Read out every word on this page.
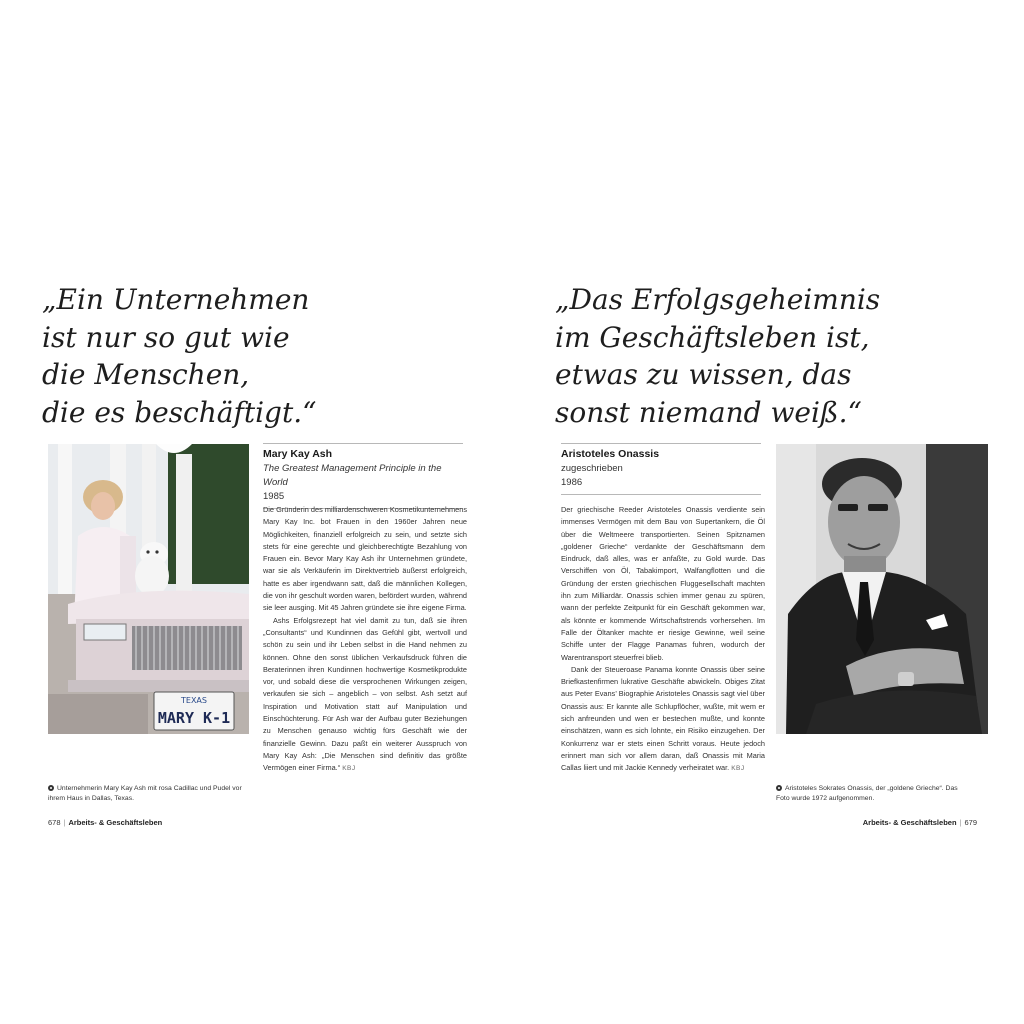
„Ein Unternehmen
ist nur so gut wie
die Menschen,
die es beschäftigt.“
TEXAS
MARY K-1
Mary Kay Ash
The Greatest Management Principle in the World
1985

Die Gründerin des milliardenschweren Kosmetikunternehmens Mary Kay Inc. bot Frauen in den 1960er Jahren neue Möglichkeiten, finanziell erfolgreich zu sein, und setzte sich stets für eine gerechte und gleichberechtigte Bezahlung von Frauen ein. Bevor Mary Kay Ash ihr Unternehmen gründete, war sie als Verkäuferin im Direktvertrieb äußerst erfolgreich, hatte es aber irgendwann satt, daß die männlichen Kollegen, die von ihr geschult worden waren, befördert wurden, während sie leer ausging. Mit 45 Jahren gründete sie ihre eigene Firma.

Ashs Erfolgsrezept hat viel damit zu tun, daß sie ihren „Consultants“ und Kundinnen das Gefühl gibt, wertvoll und schön zu sein und ihr Leben selbst in die Hand nehmen zu können. Ohne den sonst üblichen Verkaufsdruck führen die Beraterinnen ihren Kundinnen hochwertige Kosmetikprodukte vor, und sobald diese die versprochenen Wirkungen zeigen, verkaufen sie sich – angeblich – von selbst. Ash setzt auf Inspiration und Motivation statt auf Manipulation und Einschüchterung. Für Ash war der Aufbau guter Beziehungen zu Menschen genauso wichtig fürs Geschäft wie der finanzielle Gewinn. Dazu paßt ein weiterer Ausspruch von Mary Kay Ash: „Die Menschen sind definitiv das größte Vermögen einer Firma.“ KBJ

Unternehmerin Mary Kay Ash mit rosa Cadillac und Pudel vor ihrem Haus in Dallas, Texas.
678 | Arbeits- & Geschäftsleben
„Das Erfolgsgeheimnis
im Geschäftsleben ist,
etwas zu wissen, das
sonst niemand weiß.“
Aristoteles Onassis
zugeschrieben
1986

Der griechische Reeder Aristoteles Onassis verdiente sein immenses Vermögen mit dem Bau von Supertankern, die Öl über die Weltmeere transportierten. Seinen Spitznamen „goldener Grieche“ verdankte der Geschäftsmann dem Eindruck, daß alles, was er anfaßte, zu Gold wurde. Das Verschiffen von Öl, Tabakimport, Walfangflotten und die Gründung der ersten griechischen Fluggesellschaft machten ihn zum Milliardär. Onassis schien immer genau zu spüren, wann der perfekte Zeitpunkt für ein Geschäft gekommen war, als könnte er kommende Wirtschaftstrends vorhersehen. Im Falle der Öltanker machte er riesige Gewinne, weil seine Schiffe unter der Flagge Panamas fuhren, wodurch der Warentransport steuerfrei blieb.

Dank der Steueroase Panama konnte Onassis über seine Briefkastenfirmen lukrative Geschäfte abwickeln. Obiges Zitat aus Peter Evans’ Biographie Aristoteles Onassis sagt viel über Onassis aus: Er kannte alle Schlupflöcher, wußte, mit wem er sich anfreunden und wen er bestechen mußte, und konnte einschätzen, wann es sich lohnte, ein Risiko einzugehen. Der Konkurrenz war er stets einen Schritt voraus. Heute jedoch erinnert man sich vor allem daran, daß Onassis mit Maria Callas liiert und mit Jackie Kennedy verheiratet war. KBJ

Aristoteles Sokrates Onassis, der „goldene Grieche“. Das Foto wurde 1972 aufgenommen.
Arbeits- & Geschäftsleben | 679
